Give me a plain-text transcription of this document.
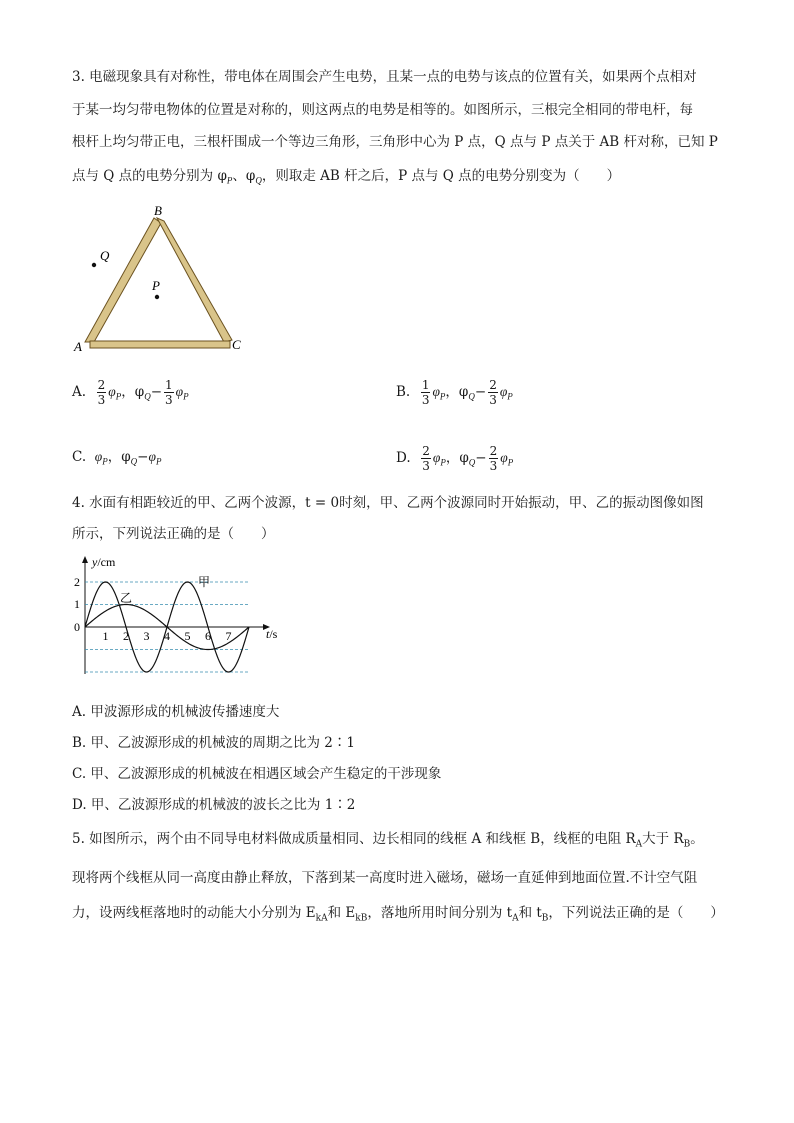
3. 电磁现象具有对称性，带电体在周围会产生电势，且某一点的电势与该点的位置有关，如果两个点相对
于某一均匀带电物体的位置是对称的，则这两点的电势是相等的。如图所示，三根完全相同的带电杆，每
根杆上均匀带正电，三根杆围成一个等边三角形，三角形中心为 P 点，Q 点与 P 点关于 AB 杆对称，已知 P
点与 Q 点的电势分别为 $\varphi_P$、$\varphi_Q$，则取走 AB 杆之后，P 点与 Q 点的电势分别变为（　　）
B
A	C
P
Q
A. $\frac{2}{3} \varphi_P$，$\varphi_Q- \frac{1}{3} \varphi_P$	B. $\frac{1}{3} \varphi_P$，$\varphi_Q- \frac{2}{3} \varphi_P$
C. $\varphi_P$，$\varphi_Q-\varphi_P$	D. $\frac{2}{3} \varphi_P$，$\varphi_Q- \frac{2}{3} \varphi_P$
4. 水面有相距较近的甲、乙两个波源，t = 0时刻，甲、乙两个波源同时开始振动，甲、乙的振动图像如图
所示，下列说法正确的是（　　）
y/cm
t/s
2
1
0
1 2 3 4 5 6 7
甲
乙
A. 甲波源形成的机械波传播速度大
B. 甲、乙波源形成的机械波的周期之比为 2∶1
C. 甲、乙波源形成的机械波在相遇区域会产生稳定的干涉现象
D. 甲、乙波源形成的机械波的波长之比为 1∶2
5. 如图所示，两个由不同导电材料做成质量相同、边长相同的线框 A 和线框 B，线框的电阻 $R_A$大于 $R_B$。
现将两个线框从同一高度由静止释放，下落到某一高度时进入磁场，磁场一直延伸到地面位置.不计空气阻
力，设两线框落地时的动能大小分别为 $E_{kA}$和 $E_{kB}$，落地所用时间分别为 $t_A$和 $t_B$，下列说法正确的是（　　）
